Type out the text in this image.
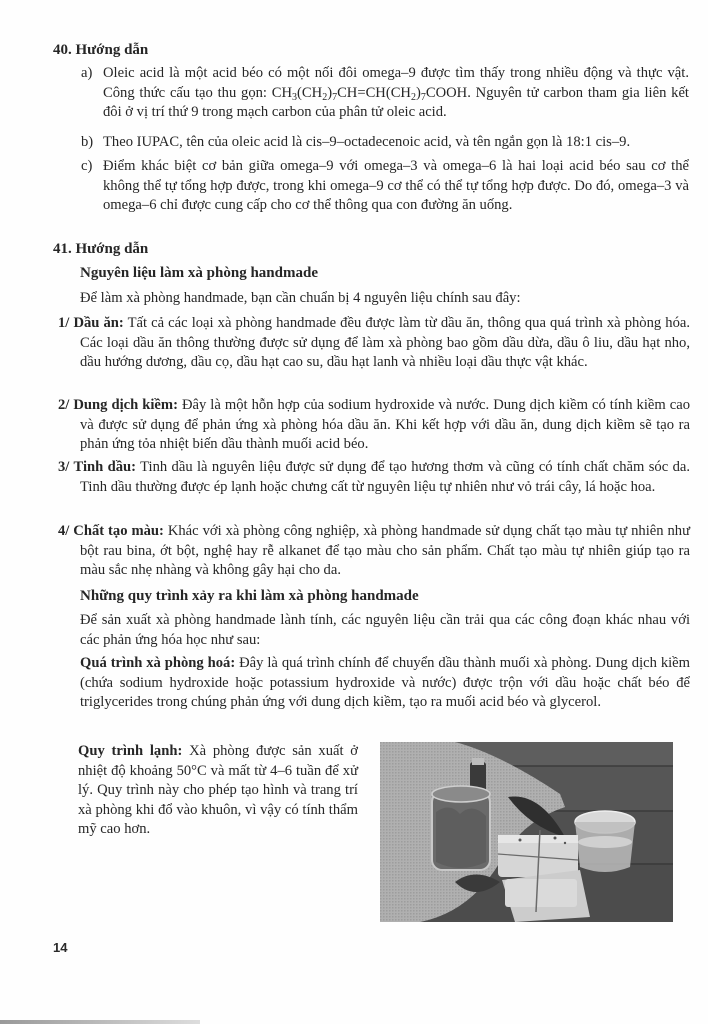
40. Hướng dẫn
a) Oleic acid là một acid béo có một nối đôi omega–9 được tìm thấy trong nhiều động và thực vật. Công thức cấu tạo thu gọn: $CH_3(CH_2)_7CH=CH(CH_2)_7COOH$. Nguyên tử carbon tham gia liên kết đôi ở vị trí thứ 9 trong mạch carbon của phân tử oleic acid.
b) Theo IUPAC, tên của oleic acid là cis–9–octadecenoic acid, và tên ngắn gọn là 18:1 cis–9.
c) Điểm khác biệt cơ bản giữa omega–9 với omega–3 và omega–6 là hai loại acid béo sau cơ thể không thể tự tổng hợp được, trong khi omega–9 cơ thể có thể tự tổng hợp được. Do đó, omega–3 và omega–6 chỉ được cung cấp cho cơ thể thông qua con đường ăn uống.
41. Hướng dẫn
Nguyên liệu làm xà phòng handmade
Để làm xà phòng handmade, bạn cần chuẩn bị 4 nguyên liệu chính sau đây:
1/ Dầu ăn: Tất cả các loại xà phòng handmade đều được làm từ dầu ăn, thông qua quá trình xà phòng hóa. Các loại dầu ăn thông thường được sử dụng để làm xà phòng bao gồm dầu dừa, dầu ô liu, dầu hạt nho, dầu hướng dương, dầu cọ, dầu hạt cao su, dầu hạt lanh và nhiều loại dầu thực vật khác.
2/ Dung dịch kiềm: Đây là một hỗn hợp của sodium hydroxide và nước. Dung dịch kiềm có tính kiềm cao và được sử dụng để phản ứng xà phòng hóa dầu ăn. Khi kết hợp với dầu ăn, dung dịch kiềm sẽ tạo ra phản ứng tỏa nhiệt biến dầu thành muối acid béo.
3/ Tinh dầu: Tinh dầu là nguyên liệu được sử dụng để tạo hương thơm và cũng có tính chất chăm sóc da. Tinh dầu thường được ép lạnh hoặc chưng cất từ nguyên liệu tự nhiên như vỏ trái cây, lá hoặc hoa.
4/ Chất tạo màu: Khác với xà phòng công nghiệp, xà phòng handmade sử dụng chất tạo màu tự nhiên như bột rau bina, ớt bột, nghệ hay rễ alkanet để tạo màu cho sản phẩm. Chất tạo màu tự nhiên giúp tạo ra màu sắc nhẹ nhàng và không gây hại cho da.
Những quy trình xảy ra khi làm xà phòng handmade
Để sản xuất xà phòng handmade lành tính, các nguyên liệu cần trải qua các công đoạn khác nhau với các phản ứng hóa học như sau:
Quá trình xà phòng hoá: Đây là quá trình chính để chuyển dầu thành muối xà phòng. Dung dịch kiềm (chứa sodium hydroxide hoặc potassium hydroxide và nước) được trộn với dầu hoặc chất béo để triglycerides trong chúng phản ứng với dung dịch kiềm, tạo ra muối acid béo và glycerol.
Quy trình lạnh: Xà phòng được sản xuất ở nhiệt độ khoảng 50°C và mất từ 4–6 tuần để xử lý. Quy trình này cho phép tạo hình và trang trí xà phòng khi đổ vào khuôn, vì vậy có tính thẩm mỹ cao hơn.
14
